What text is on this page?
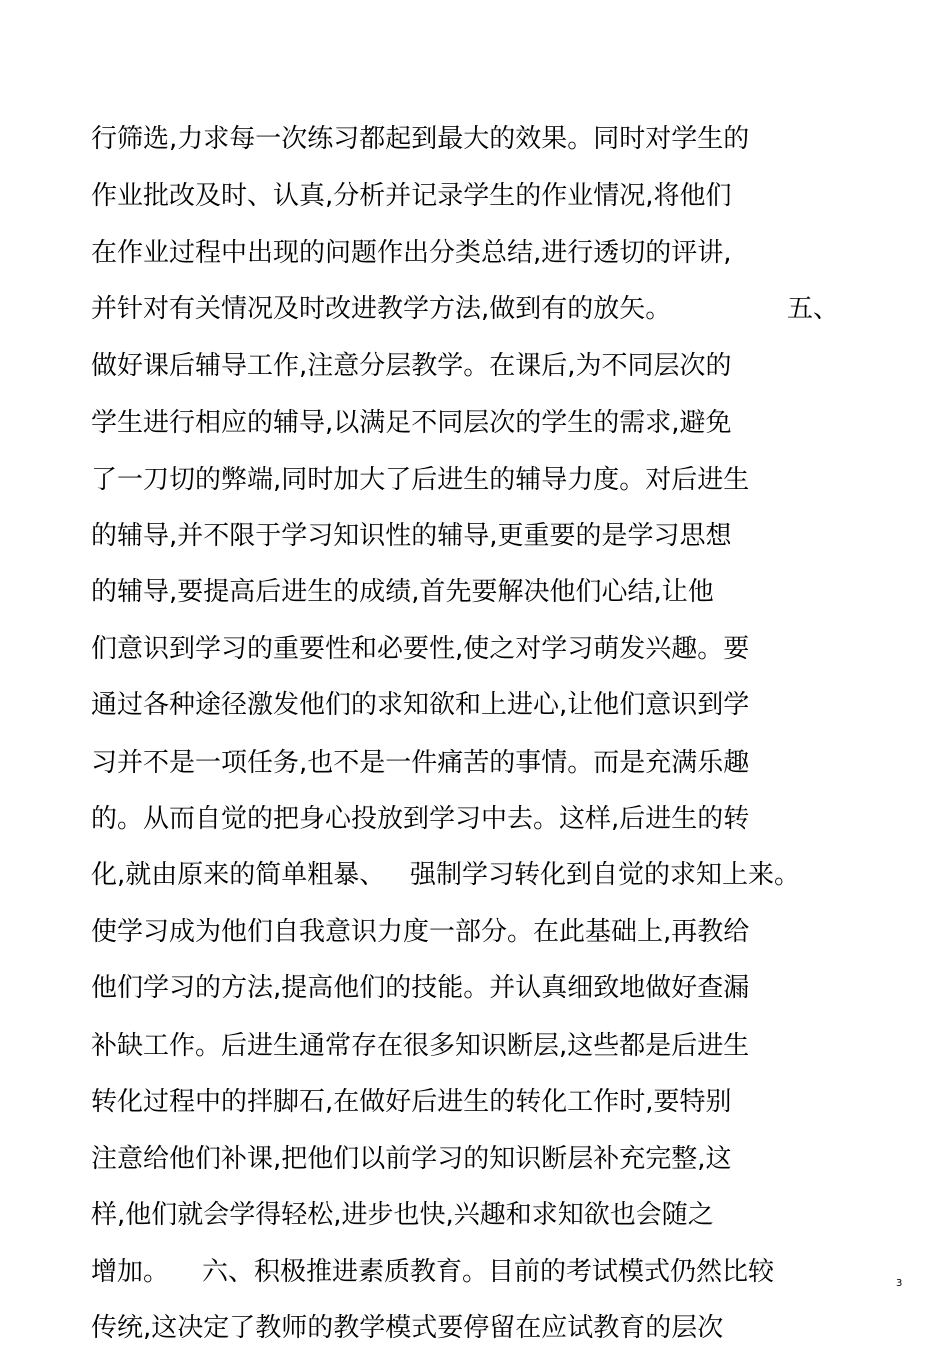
行筛选,力求每一次练习都起到最大的效果。同时对学生的

作业批改及时、认真,分析并记录学生的作业情况,将他们

在作业过程中出现的问题作出分类总结,进行透切的评讲,

并针对有关情况及时改进教学方法,做到有的放矢。              五、

做好课后辅导工作,注意分层教学。在课后,为不同层次的

学生进行相应的辅导,以满足不同层次的学生的需求,避免

了一刀切的弊端,同时加大了后进生的辅导力度。对后进生

的辅导,并不限于学习知识性的辅导,更重要的是学习思想

的辅导,要提高后进生的成绩,首先要解决他们心结,让他

们意识到学习的重要性和必要性,使之对学习萌发兴趣。要

通过各种途径激发他们的求知欲和上进心,让他们意识到学

习并不是一项任务,也不是一件痛苦的事情。而是充满乐趣

的。从而自觉的把身心投放到学习中去。这样,后进生的转

化,就由原来的简单粗暴、   强制学习转化到自觉的求知上来。

使学习成为他们自我意识力度一部分。在此基础上,再教给

他们学习的方法,提高他们的技能。并认真细致地做好查漏

补缺工作。后进生通常存在很多知识断层,这些都是后进生

转化过程中的拌脚石,在做好后进生的转化工作时,要特别

注意给他们补课,把他们以前学习的知识断层补充完整,这

样,他们就会学得轻松,进步也快,兴趣和求知欲也会随之

增加。    六、积极推进素质教育。目前的考试模式仍然比较

传统,这决定了教师的教学模式要停留在应试教育的层次

3
